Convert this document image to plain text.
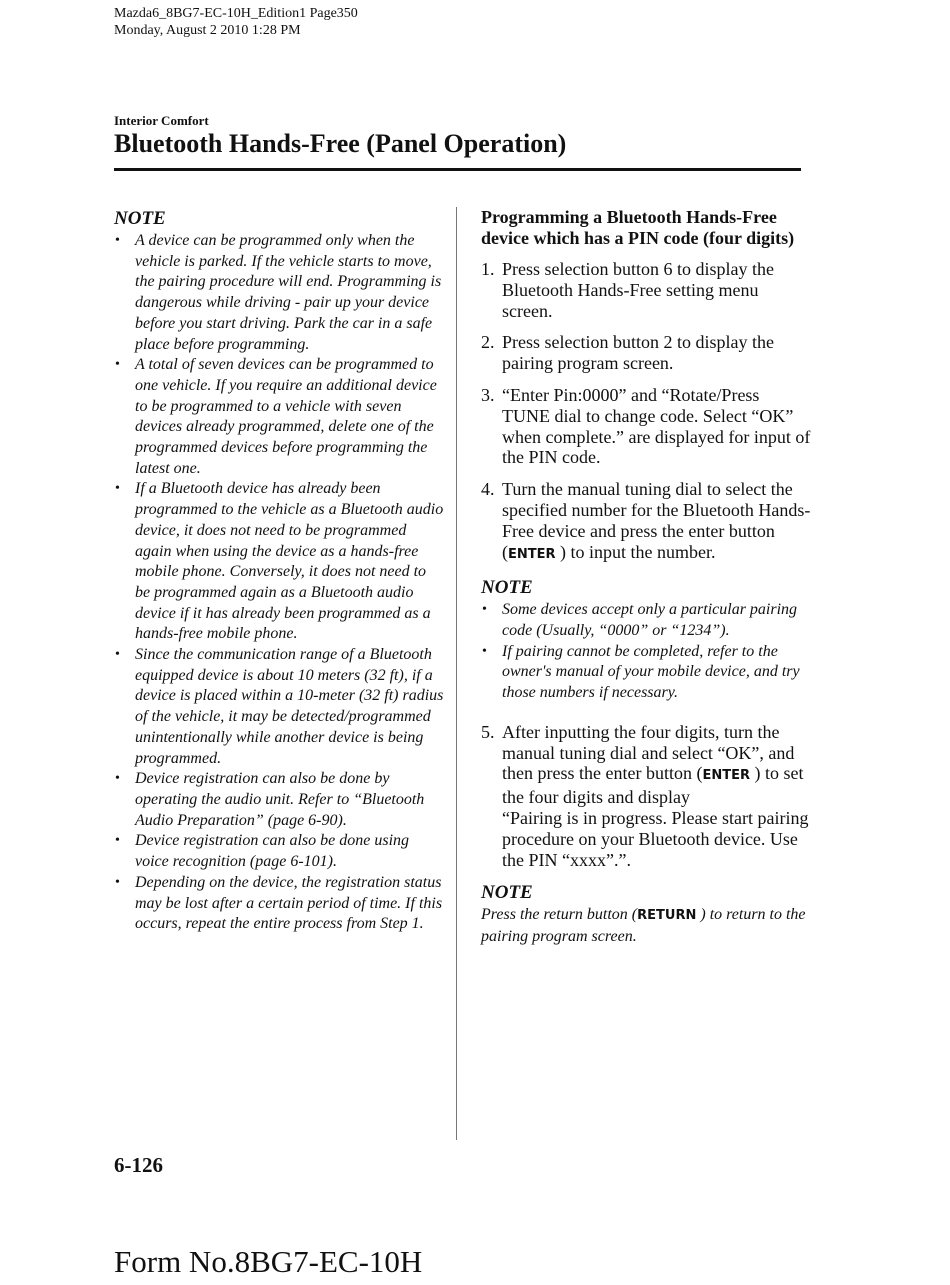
Mazda6_8BG7-EC-10H_Edition1 Page350
Monday, August 2 2010 1:28 PM
Interior Comfort
Bluetooth Hands-Free (Panel Operation)

NOTE

• A device can be programmed only when the vehicle is parked. If the vehicle starts to move, the pairing procedure will end. Programming is dangerous while driving - pair up your device before you start driving. Park the car in a safe place before programming.
• A total of seven devices can be programmed to one vehicle. If you require an additional device to be programmed to a vehicle with seven devices already programmed, delete one of the programmed devices before programming the latest one.
• If a Bluetooth device has already been programmed to the vehicle as a Bluetooth audio device, it does not need to be programmed again when using the device as a hands-free mobile phone. Conversely, it does not need to be programmed again as a Bluetooth audio device if it has already been programmed as a hands-free mobile phone.
• Since the communication range of a Bluetooth equipped device is about 10 meters (32 ft), if a device is placed within a 10-meter (32 ft) radius of the vehicle, it may be detected/programmed unintentionally while another device is being programmed.
• Device registration can also be done by operating the audio unit. Refer to “Bluetooth Audio Preparation” (page 6-90).
• Device registration can also be done using voice recognition (page 6-101).
• Depending on the device, the registration status may be lost after a certain period of time. If this occurs, repeat the entire process from Step 1.

Programming a Bluetooth Hands-Free device which has a PIN code (four digits)

1. Press selection button 6 to display the Bluetooth Hands-Free setting menu screen.
2. Press selection button 2 to display the pairing program screen.
3. “Enter Pin:0000” and “Rotate/Press TUNE dial to change code. Select “OK” when complete.” are displayed for input of the PIN code.
4. Turn the manual tuning dial to select the specified number for the Bluetooth Hands-Free device and press the enter button (ENTER ) to input the number.

NOTE

• Some devices accept only a particular pairing code (Usually, “0000” or “1234”).
• If pairing cannot be completed, refer to the owner's manual of your mobile device, and try those numbers if necessary.
5. After inputting the four digits, turn the manual tuning dial and select “OK”, and then press the enter button (ENTER ) to set the four digits and display
“Pairing is in progress. Please start pairing procedure on your Bluetooth device. Use the PIN “xxxx”.”.

NOTE

Press the return button (RETURN ) to return to the pairing program screen.

6-126
Form No.8BG7-EC-10H
